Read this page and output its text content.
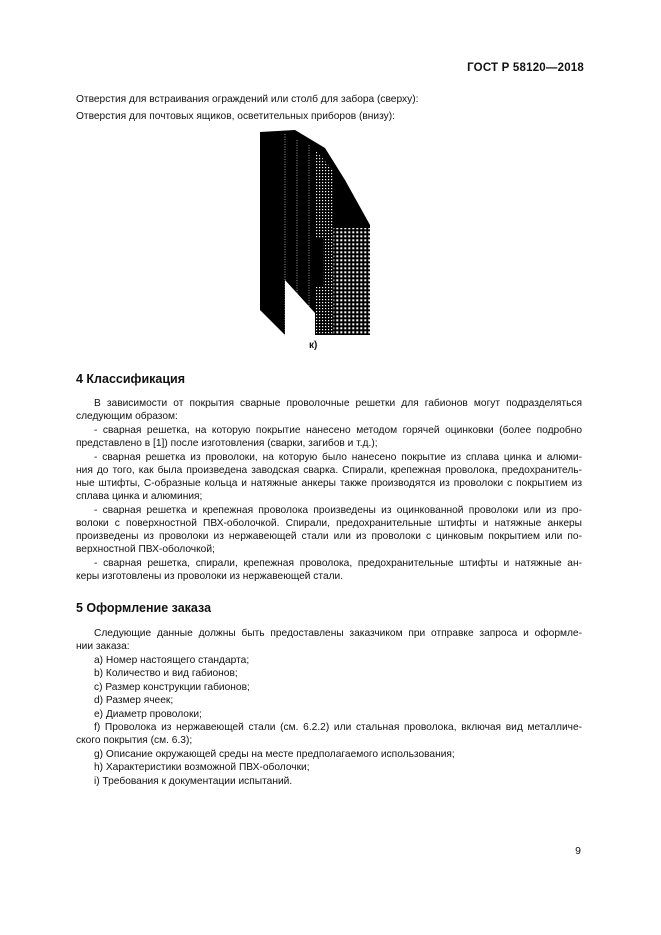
ГОСТ Р 58120—2018
Отверстия для встраивания ограждений или столб для забора (сверху):
Отверстия для почтовых ящиков, осветительных приборов (внизу):
к)
4 Классификация
В зависимости от покрытия сварные проволочные решетки для габионов могут подразделяться
следующим образом:
- сварная решетка, на которую покрытие нанесено методом горячей оцинковки (более подробно
представлено в [1]) после изготовления (сварки, загибов и т.д.);
- сварная решетка из проволоки, на которую было нанесено покрытие из сплава цинка и алюми-
ния до того, как была произведена заводская сварка. Спирали, крепежная проволока, предохранитель-
ные штифты, С-образные кольца и натяжные анкеры также производятся из проволоки с покрытием из
сплава цинка и алюминия;
- сварная решетка и крепежная проволока произведены из оцинкованной проволоки или из про-
волоки с поверхностной ПВХ-оболочкой. Спирали, предохранительные штифты и натяжные анкеры
произведены из проволоки из нержавеющей стали или из проволоки с цинковым покрытием или по-
верхностной ПВХ-оболочкой;
- сварная решетка, спирали, крепежная проволока, предохранительные штифты и натяжные ан-
керы изготовлены из проволоки из нержавеющей стали.
5 Оформление заказа
Следующие данные должны быть предоставлены заказчиком при отправке запроса и оформле-
нии заказа:
а) Номер настоящего стандарта;
b) Количество и вид габионов;
с) Размер конструкции габионов;
d) Размер ячеек;
е) Диаметр проволоки;
f) Проволока из нержавеющей стали (см. 6.2.2) или стальная проволока, включая вид металличе-
ского покрытия (см. 6.3);
g) Описание окружающей среды на месте предполагаемого использования;
h) Характеристики возможной ПВХ-оболочки;
i) Требования к документации испытаний.
9
